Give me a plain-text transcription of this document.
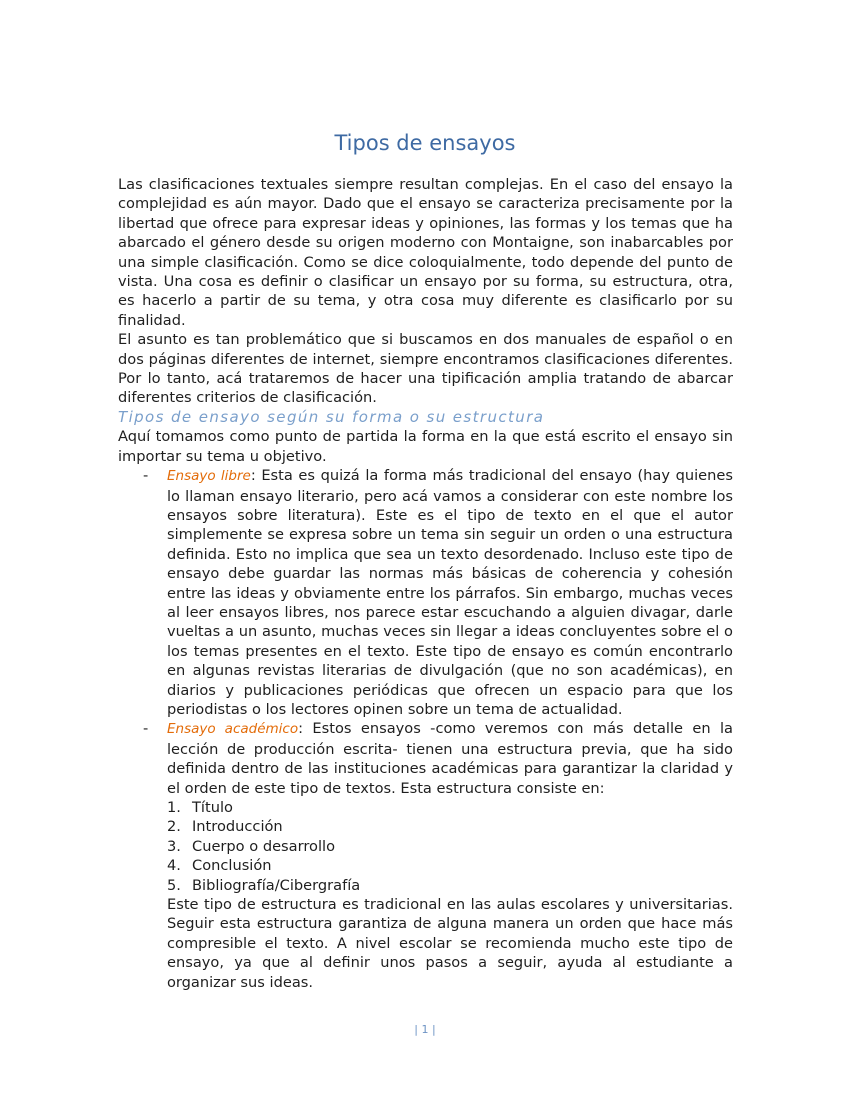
Tipos de ensayos

Las clasificaciones textuales siempre resultan complejas. En el caso del ensayo la complejidad es aún mayor. Dado que el ensayo se caracteriza precisamente por la libertad que ofrece para expresar ideas y opiniones, las formas y los temas que ha abarcado el género desde su origen moderno con Montaigne, son inabarcables por una simple clasificación. Como se dice coloquialmente, todo depende del punto de vista. Una cosa es definir o clasificar un ensayo por su forma, su estructura, otra, es hacerlo a partir de su tema, y otra cosa muy diferente es clasificarlo por su finalidad.

El asunto es tan problemático que si buscamos en dos manuales de español o en dos páginas diferentes de internet, siempre encontramos clasificaciones diferentes. Por lo tanto, acá trataremos de hacer una tipificación amplia tratando de abarcar diferentes criterios de clasificación.

Tipos de ensayo según su forma o su estructura

Aquí tomamos como punto de partida la forma en la que está escrito el ensayo sin importar su tema u objetivo.

- Ensayo libre: Esta es quizá la forma más tradicional del ensayo (hay quienes lo llaman ensayo literario, pero acá vamos a considerar con este nombre los ensayos sobre literatura). Este es el tipo de texto en el que el autor simplemente se expresa sobre un tema sin seguir un orden o una estructura definida. Esto no implica que sea un texto desordenado. Incluso este tipo de ensayo debe guardar las normas más básicas de coherencia y cohesión entre las ideas y obviamente entre los párrafos. Sin embargo, muchas veces al leer ensayos libres, nos parece estar escuchando a alguien divagar, darle vueltas a un asunto, muchas veces sin llegar a ideas concluyentes sobre el o los temas presentes en el texto. Este tipo de ensayo es común encontrarlo en algunas revistas literarias de divulgación (que no son académicas), en diarios y publicaciones periódicas que ofrecen un espacio para que los periodistas o los lectores opinen sobre un tema de actualidad.
- Ensayo académico: Estos ensayos -como veremos con más detalle en la lección de producción escrita- tienen una estructura previa, que ha sido definida dentro de las instituciones académicas para garantizar la claridad y el orden de este tipo de textos. Esta estructura consiste en:
1. Título
2. Introducción
3. Cuerpo o desarrollo
4. Conclusión
5. Bibliografía/Cibergrafía

Este tipo de estructura es tradicional en las aulas escolares y universitarias. Seguir esta estructura garantiza de alguna manera un orden que hace más compresible el texto. A nivel escolar se recomienda mucho este tipo de ensayo, ya que al definir unos pasos a seguir, ayuda al estudiante a organizar sus ideas.

| 1 |
